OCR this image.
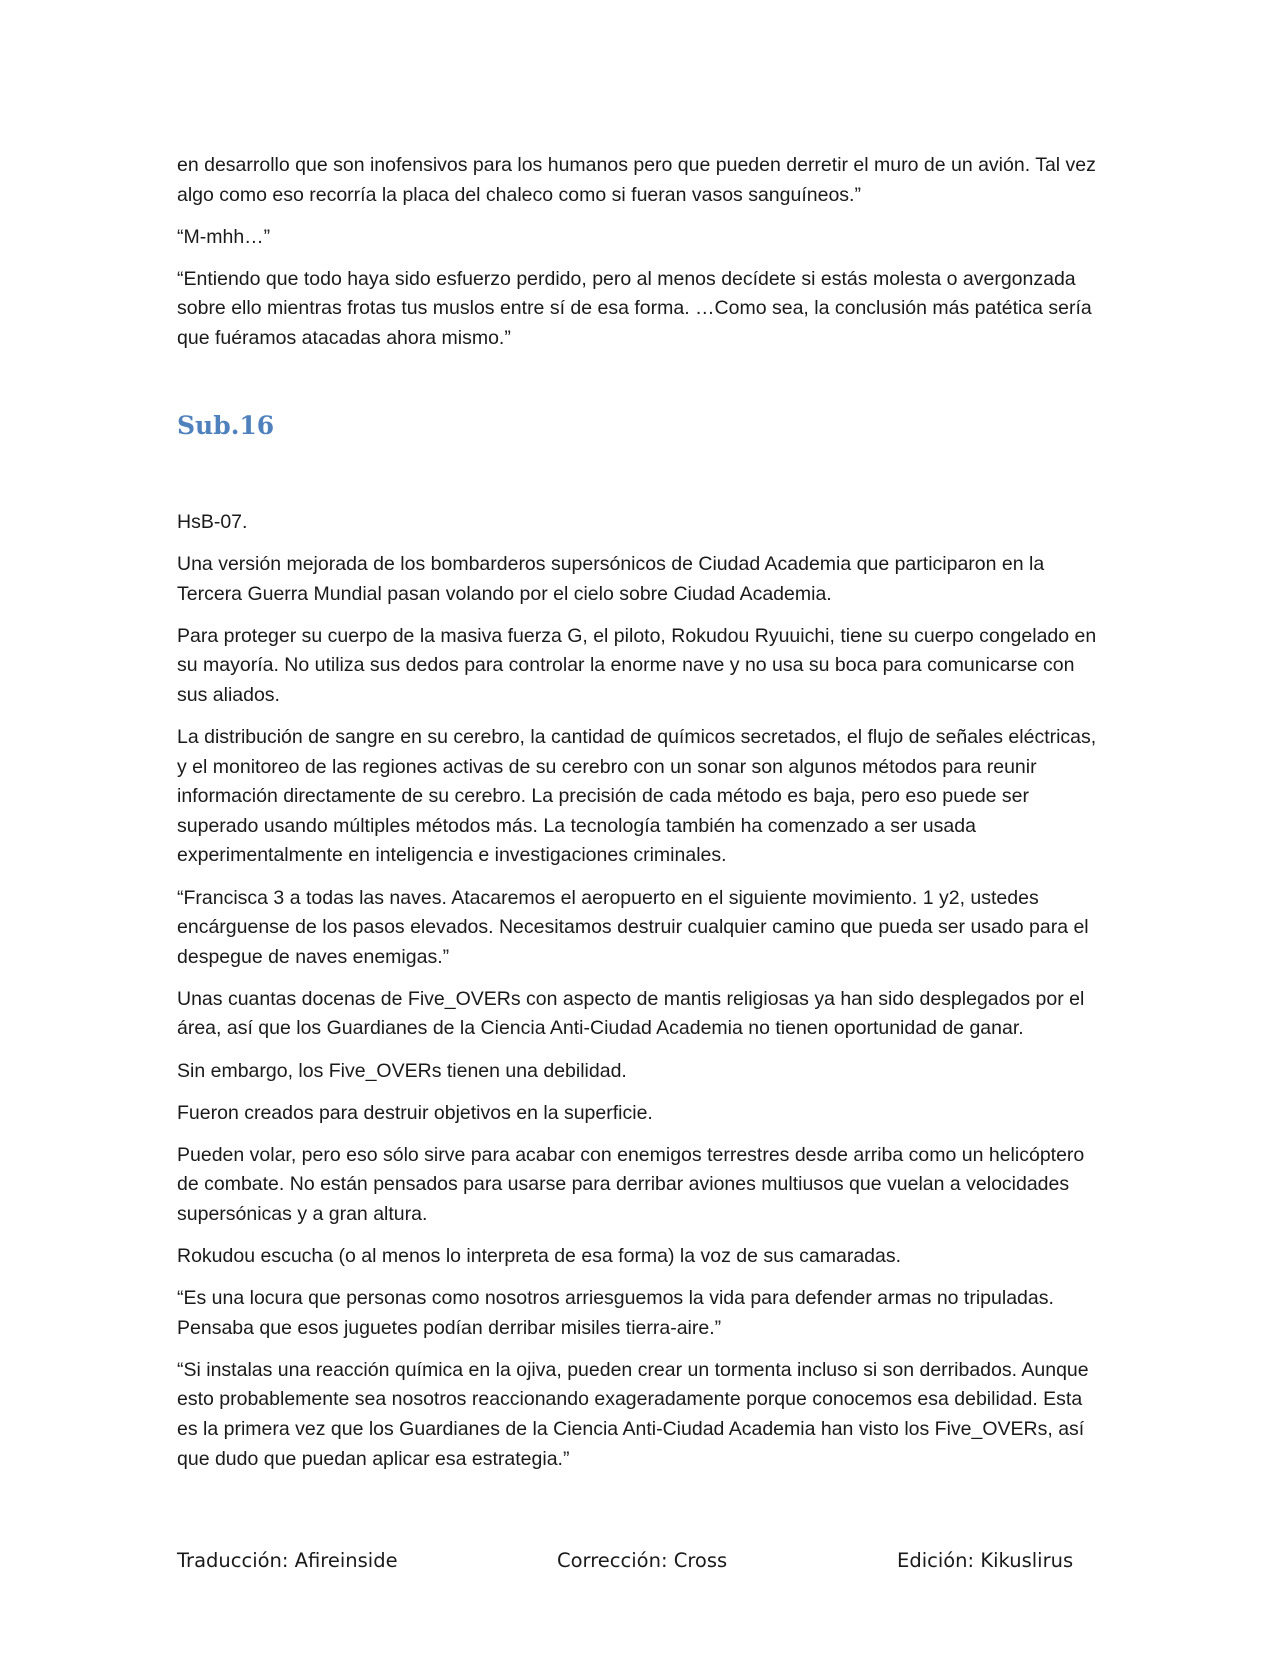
en desarrollo que son inofensivos para los humanos pero que pueden derretir el muro de un avión. Tal vez algo como eso recorría la placa del chaleco como si fueran vasos sanguíneos.”

“M-mhh…”

“Entiendo que todo haya sido esfuerzo perdido, pero al menos decídete si estás molesta o avergonzada sobre ello mientras frotas tus muslos entre sí de esa forma. …Como sea, la conclusión más patética sería que fuéramos atacadas ahora mismo.”

Sub.16

HsB-07.

Una versión mejorada de los bombarderos supersónicos de Ciudad Academia que participaron en la Tercera Guerra Mundial pasan volando por el cielo sobre Ciudad Academia.

Para proteger su cuerpo de la masiva fuerza G, el piloto, Rokudou Ryuuichi, tiene su cuerpo congelado en su mayoría. No utiliza sus dedos para controlar la enorme nave y no usa su boca para comunicarse con sus aliados.

La distribución de sangre en su cerebro, la cantidad de químicos secretados, el flujo de señales eléctricas, y el monitoreo de las regiones activas de su cerebro con un sonar son algunos métodos para reunir información directamente de su cerebro. La precisión de cada método es baja, pero eso puede ser superado usando múltiples métodos más. La tecnología también ha comenzado a ser usada experimentalmente en inteligencia e investigaciones criminales.

“Francisca 3 a todas las naves. Atacaremos el aeropuerto en el siguiente movimiento. 1 y2, ustedes encárguense de los pasos elevados. Necesitamos destruir cualquier camino que pueda ser usado para el despegue de naves enemigas.”

Unas cuantas docenas de Five_OVERs con aspecto de mantis religiosas ya han sido desplegados por el área, así que los Guardianes de la Ciencia Anti-Ciudad Academia no tienen oportunidad de ganar.

Sin embargo, los Five_OVERs tienen una debilidad.

Fueron creados para destruir objetivos en la superficie.

Pueden volar, pero eso sólo sirve para acabar con enemigos terrestres desde arriba como un helicóptero de combate. No están pensados para usarse para derribar aviones multiusos que vuelan a velocidades supersónicas y a gran altura.

Rokudou escucha (o al menos lo interpreta de esa forma) la voz de sus camaradas.

“Es una locura que personas como nosotros arriesguemos la vida para defender armas no tripuladas. Pensaba que esos juguetes podían derribar misiles tierra-aire.”

“Si instalas una reacción química en la ojiva, pueden crear un tormenta incluso si son derribados. Aunque esto probablemente sea nosotros reaccionando exageradamente porque conocemos esa debilidad. Esta es la primera vez que los Guardianes de la Ciencia Anti-Ciudad Academia han visto los Five_OVERs, así que dudo que puedan aplicar esa estrategia.”

Traducción: Afireinside	Corrección: Cross	Edición: Kikuslirus
